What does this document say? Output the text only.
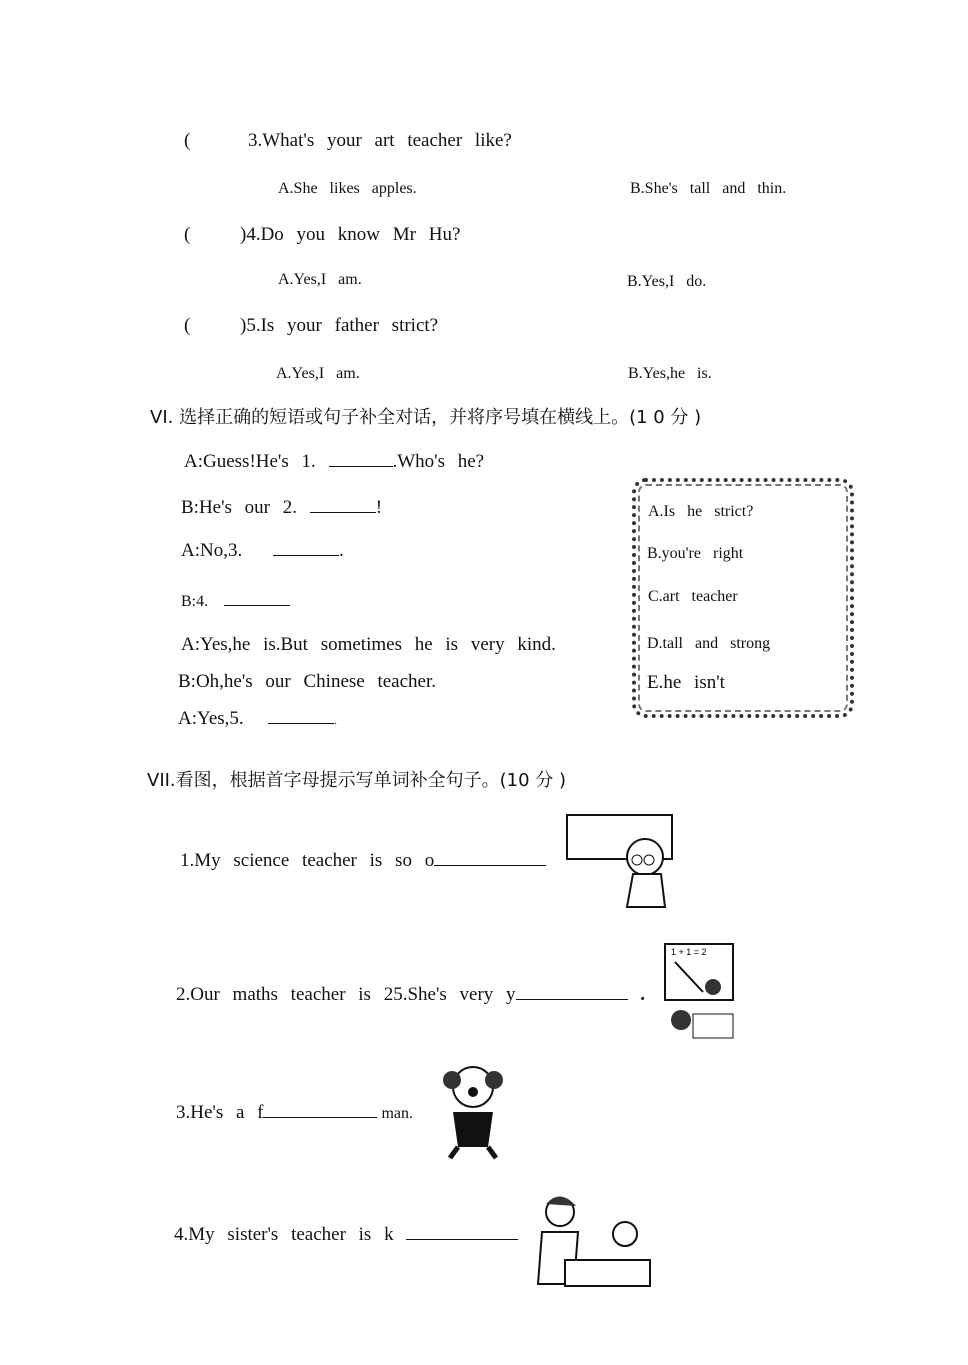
(	3.What's your art teacher like?
A.She likes apples.	B.She's tall and thin.
(	)4.Do you know Mr Hu?
A.Yes,I am.	B.Yes,I do.
(	)5.Is your father strict?
A.Yes,I am.	B.Yes,he is.
VI. 选择正确的短语或句子补全对话，并将序号填在横线上。(1 0 分 )
A:Guess!He's 1.	.Who's he?
B:He's our 2.	!
A:No,3.	.
B:4.
A:Yes,he is.But sometimes he is very kind.
B:Oh,he's our Chinese teacher.
A:Yes,5.	.
A.Is he strict?
B.you're right
C.art teacher
D.tall and strong
E.he isn't
VII.看图，根据首字母提示写单词补全句子。(10 分 )
1.My science teacher is so o
2.Our maths teacher is 25.She's very y	.
1 + 1 = 2
3.He's a f	man.
4.My sister's teacher is k
